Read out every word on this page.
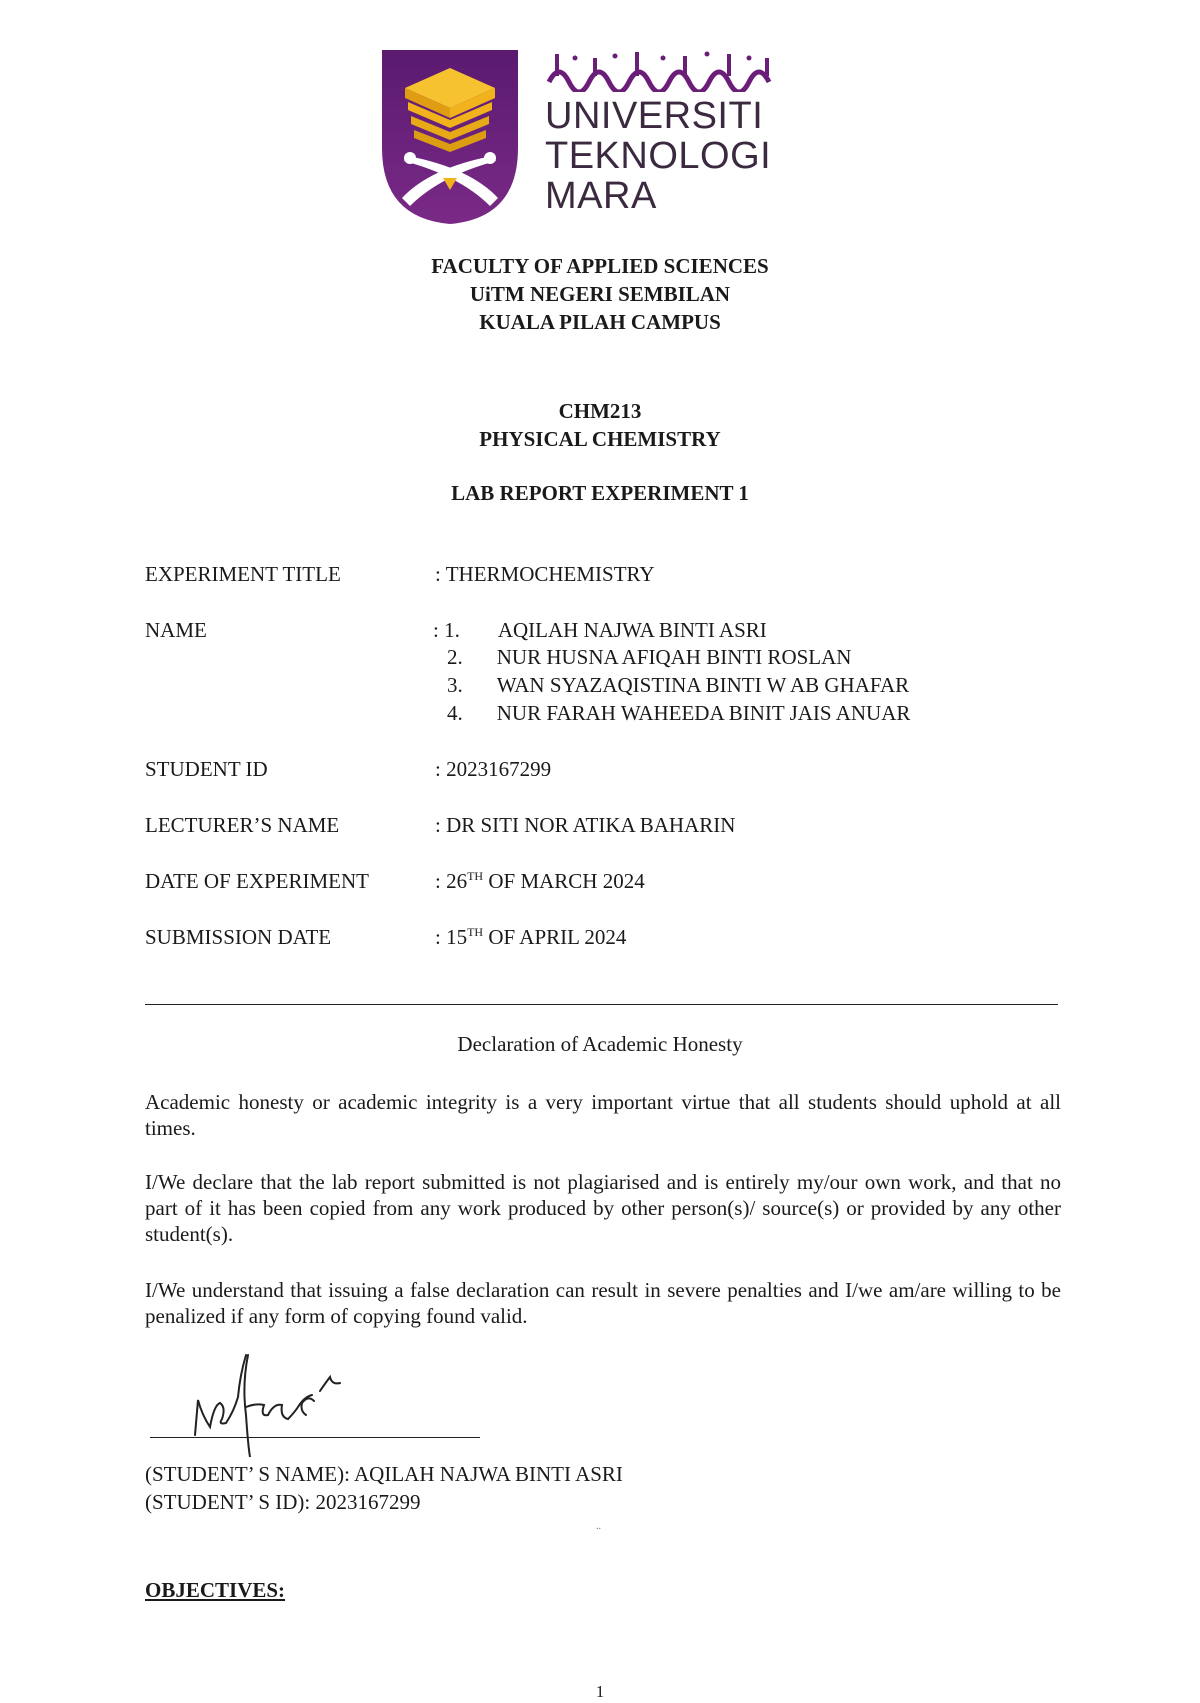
UNIVERSITI
TEKNOLOGI
MARA
FACULTY OF APPLIED SCIENCES
UiTM NEGERI SEMBILAN
KUALA PILAH CAMPUS
CHM213
PHYSICAL CHEMISTRY
LAB REPORT EXPERIMENT 1
EXPERIMENT TITLE	: THERMOCHEMISTRY
NAME	: 1. AQILAH NAJWA BINTI ASRI
2. NUR HUSNA AFIQAH BINTI ROSLAN
3. WAN SYAZAQISTINA BINTI W AB GHAFAR
4. NUR FARAH WAHEEDA BINIT JAIS ANUAR
STUDENT ID	: 2023167299
LECTURER’S NAME	: DR SITI NOR ATIKA BAHARIN
DATE OF EXPERIMENT	: 26TH OF MARCH 2024
SUBMISSION DATE	: 15TH OF APRIL 2024
Declaration of Academic Honesty
Academic honesty or academic integrity is a very important virtue that all students should uphold at all times.
I/We declare that the lab report submitted is not plagiarised and is entirely my/our own work, and that no part of it has been copied from any work produced by other person(s)/ source(s) or provided by any other student(s).
I/We understand that issuing a false declaration can result in severe penalties and I/we am/are willing to be penalized if any form of copying found valid.
(STUDENT’ S NAME): AQILAH NAJWA BINTI ASRI
(STUDENT’ S ID): 2023167299
..
OBJECTIVES:
1
